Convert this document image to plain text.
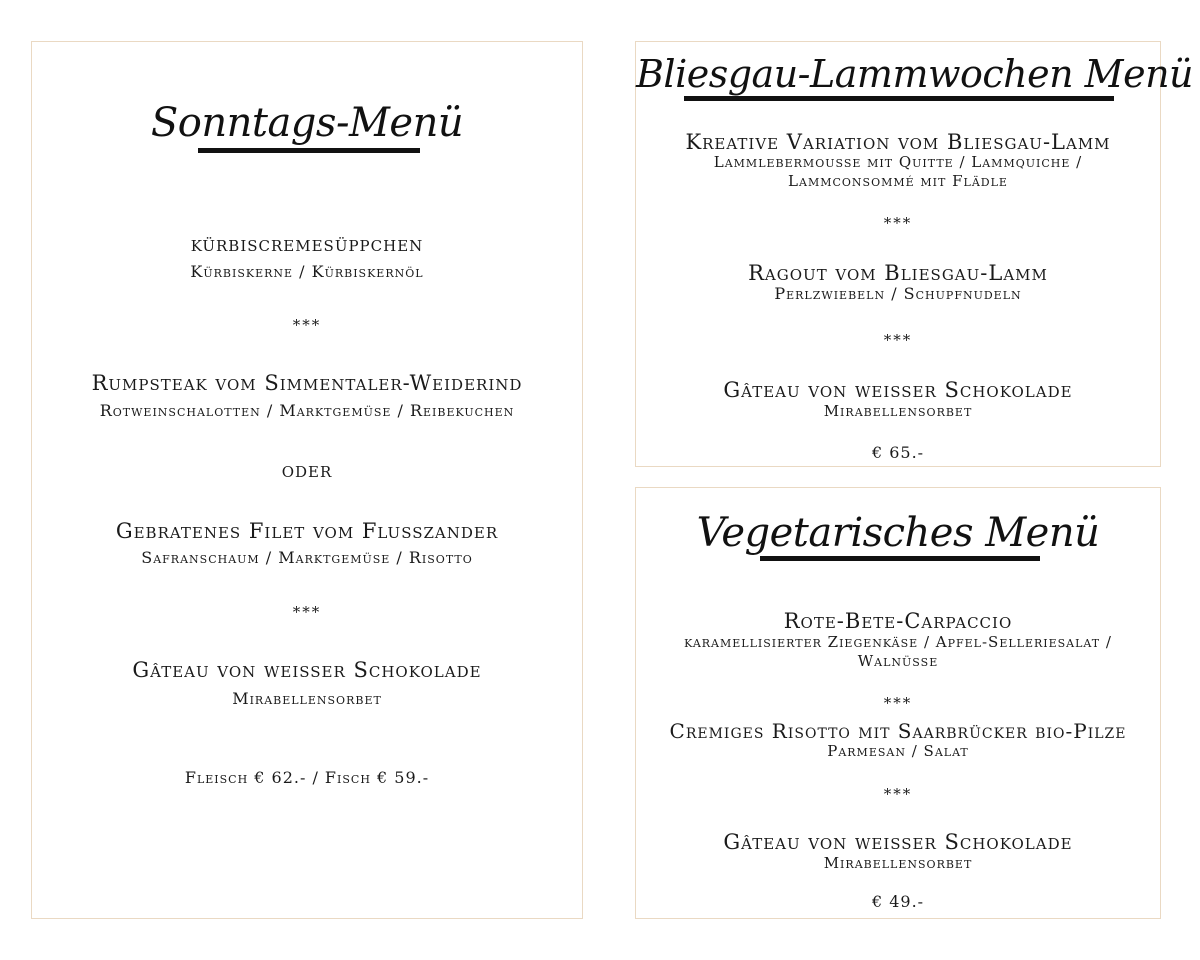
Sonntags-Menü
kürbiscremesüppchen
Kürbiskerne / Kürbiskernöl
***
Rumpsteak vom Simmentaler-Weiderind
Rotweinschalotten / Marktgemüse / Reibekuchen
oder
Gebratenes Filet vom Flusszander
Safranschaum / Marktgemüse / Risotto
***
Gâteau von weisser Schokolade
Mirabellensorbet
Fleisch € 62.- / Fisch € 59.-
Bliesgau-Lammwochen Menü
Kreative Variation vom Bliesgau-Lamm
Lammlebermousse mit Quitte / Lammquiche /
Lammconsommé mit Flädle
***
Ragout vom Bliesgau-Lamm
Perlzwiebeln / Schupfnudeln
***
Gâteau von weisser Schokolade
Mirabellensorbet
€ 65.-
Vegetarisches Menü
Rote-Bete-Carpaccio
karamellisierter Ziegenkäse / Apfel-Selleriesalat /
Walnüsse
***
Cremiges Risotto mit Saarbrücker bio-Pilze
Parmesan / Salat
***
Gâteau von weisser Schokolade
Mirabellensorbet
€ 49.-
